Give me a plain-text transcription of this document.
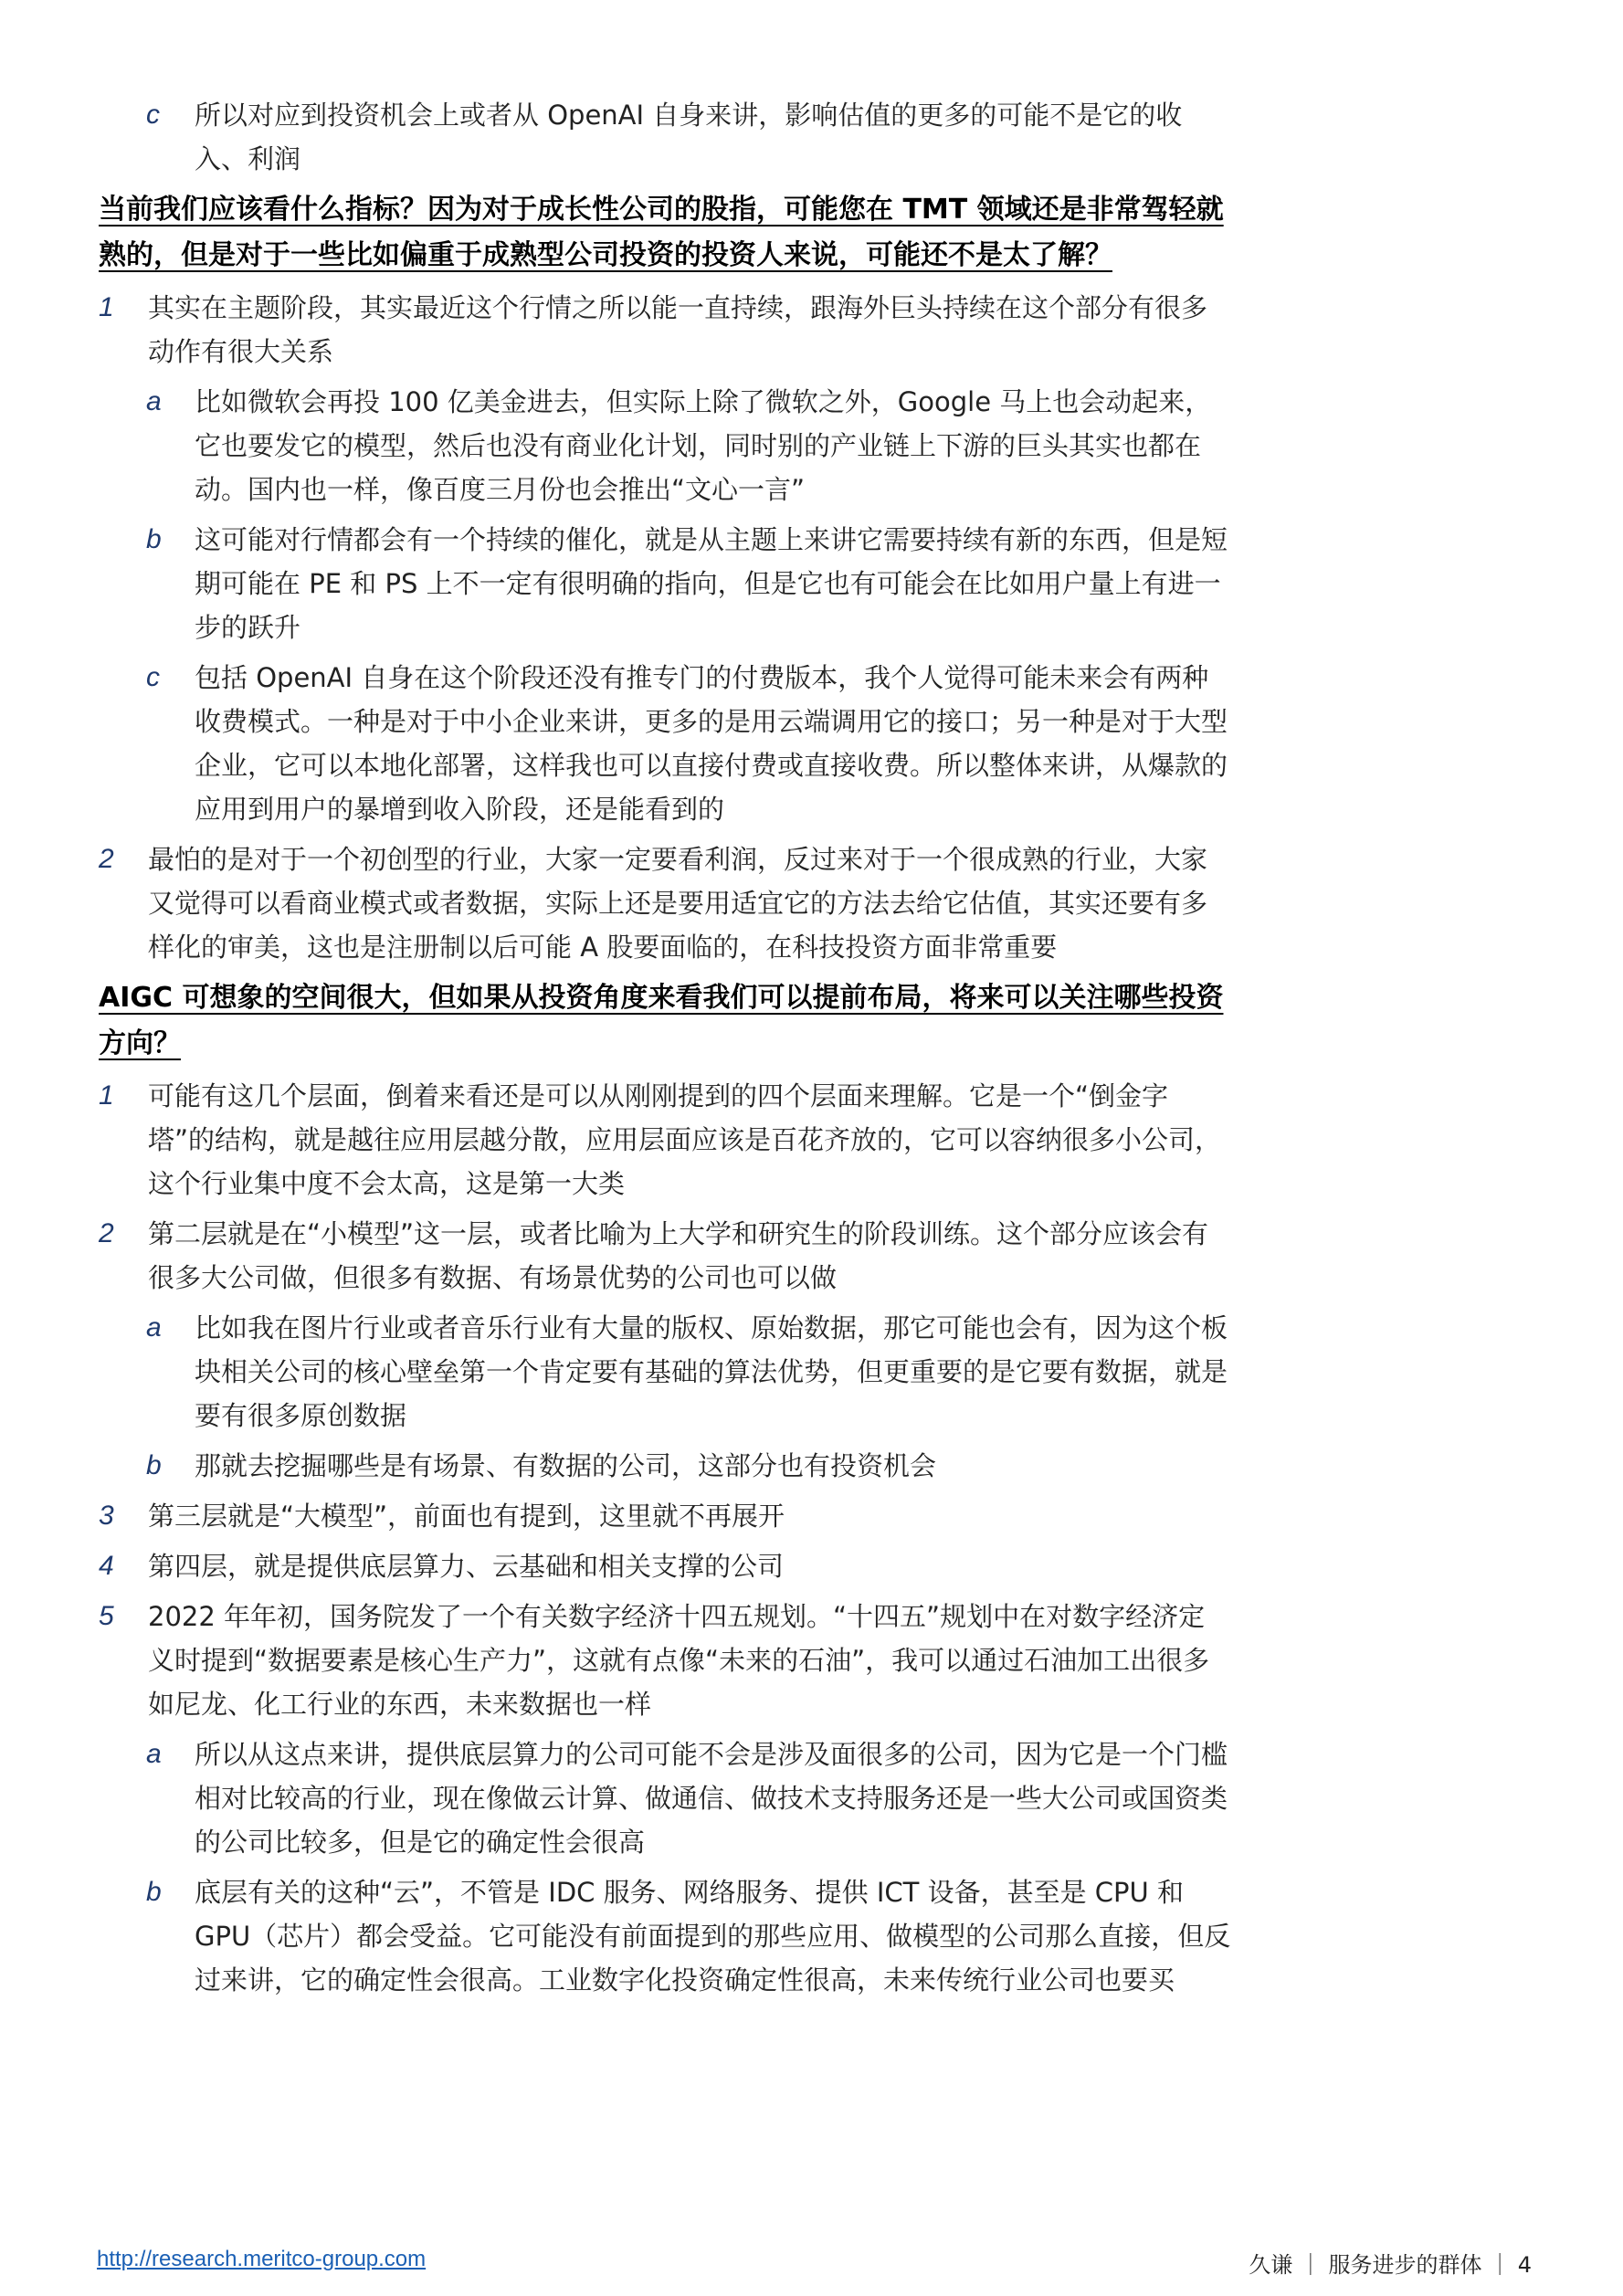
c 所以对应到投资机会上或者从 OpenAI 自身来讲，影响估值的更多的可能不是它的收入、利润
当前我们应该看什么指标？因为对于成长性公司的股指，可能您在 TMT 领域还是非常驾轻就熟的，但是对于一些比如偏重于成熟型公司投资的投资人来说，可能还不是太了解？
1 其实在主题阶段，其实最近这个行情之所以能一直持续，跟海外巨头持续在这个部分有很多动作有很大关系
a 比如微软会再投 100 亿美金进去，但实际上除了微软之外，Google 马上也会动起来，它也要发它的模型，然后也没有商业化计划，同时别的产业链上下游的巨头其实也都在动。国内也一样，像百度三月份也会推出“文心一言”
b 这可能对行情都会有一个持续的催化，就是从主题上来讲它需要持续有新的东西，但是短期可能在 PE 和 PS 上不一定有很明确的指向，但是它也有可能会在比如用户量上有进一步的跃升
c 包括 OpenAI 自身在这个阶段还没有推专门的付费版本，我个人觉得可能未来会有两种收费模式。一种是对于中小企业来讲，更多的是用云端调用它的接口；另一种是对于大型企业，它可以本地化部署，这样我也可以直接付费或直接收费。所以整体来讲，从爆款的应用到用户的暴增到收入阶段，还是能看到的
2 最怕的是对于一个初创型的行业，大家一定要看利润，反过来对于一个很成熟的行业，大家又觉得可以看商业模式或者数据，实际上还是要用适宜它的方法去给它估值，其实还要有多样化的审美，这也是注册制以后可能 A 股要面临的，在科技投资方面非常重要
AIGC 可想象的空间很大，但如果从投资角度来看我们可以提前布局，将来可以关注哪些投资方向？
1 可能有这几个层面，倒着来看还是可以从刚刚提到的四个层面来理解。它是一个“倒金字塔”的结构，就是越往应用层越分散，应用层面应该是百花齐放的，它可以容纳很多小公司，这个行业集中度不会太高，这是第一大类
2 第二层就是在“小模型”这一层，或者比喻为上大学和研究生的阶段训练。这个部分应该会有很多大公司做，但很多有数据、有场景优势的公司也可以做
a 比如我在图片行业或者音乐行业有大量的版权、原始数据，那它可能也会有，因为这个板块相关公司的核心壁垒第一个肯定要有基础的算法优势，但更重要的是它要有数据，就是要有很多原创数据
b 那就去挖掘哪些是有场景、有数据的公司，这部分也有投资机会
3 第三层就是“大模型”，前面也有提到，这里就不再展开
4 第四层，就是提供底层算力、云基础和相关支撑的公司
5 2022 年年初，国务院发了一个有关数字经济十四五规划。“十四五”规划中在对数字经济定义时提到“数据要素是核心生产力”，这就有点像“未来的石油”，我可以通过石油加工出很多如尼龙、化工行业的东西，未来数据也一样
a 所以从这点来讲，提供底层算力的公司可能不会是涉及面很多的公司，因为它是一个门槛相对比较高的行业，现在像做云计算、做通信、做技术支持服务还是一些大公司或国资类的公司比较多，但是它的确定性会很高
b 底层有关的这种“云”，不管是 IDC 服务、网络服务、提供 ICT 设备，甚至是 CPU 和 GPU（芯片）都会受益。它可能没有前面提到的那些应用、做模型的公司那么直接，但反过来讲，它的确定性会很高。工业数字化投资确定性很高，未来传统行业公司也要买
http://research.meritco-group.com	久谦 ｜ 服务进步的群体 ｜ 4
